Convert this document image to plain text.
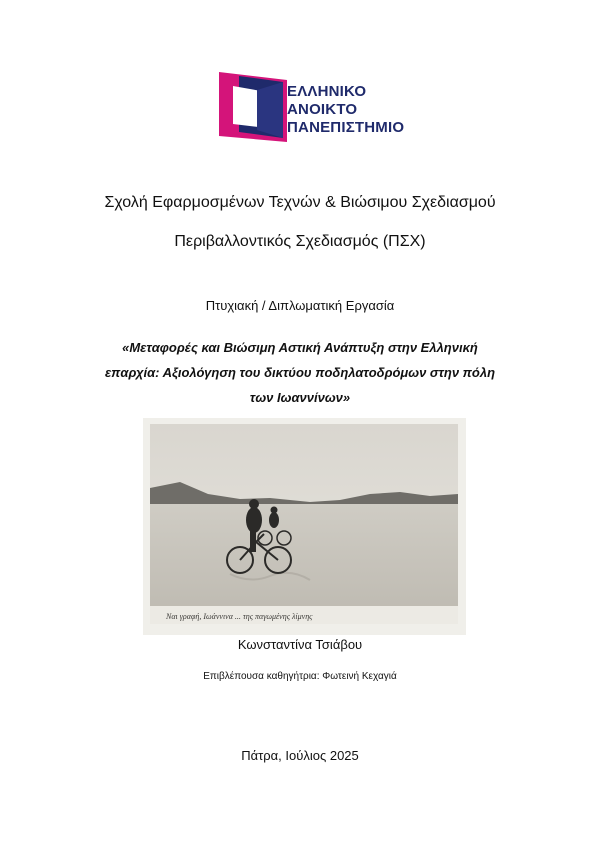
ΕΛΛΗΝΙΚΟ
ΑΝΟΙΚΤΟ
ΠΑΝΕΠΙΣΤΗΜΙΟ
Σχολή Εφαρμοσμένων Τεχνών & Βιώσιμου Σχεδιασμού
Περιβαλλοντικός Σχεδιασμός (ΠΣΧ)
Πτυχιακή / Διπλωματική Εργασία
«Μεταφορές και Βιώσιμη Αστική Ανάπτυξη στην Ελληνική
επαρχία: Αξιολόγηση του δικτύου ποδηλατοδρόμων στην πόλη
των Ιωαννίνων»
Ναι γραφή, Ιωάννινα ... της παγωμένης λίμνης
Κωνσταντίνα Τσιάβου
Επιβλέπουσα καθηγήτρια: Φωτεινή Κεχαγιά
Πάτρα, Ιούλιος 2025
